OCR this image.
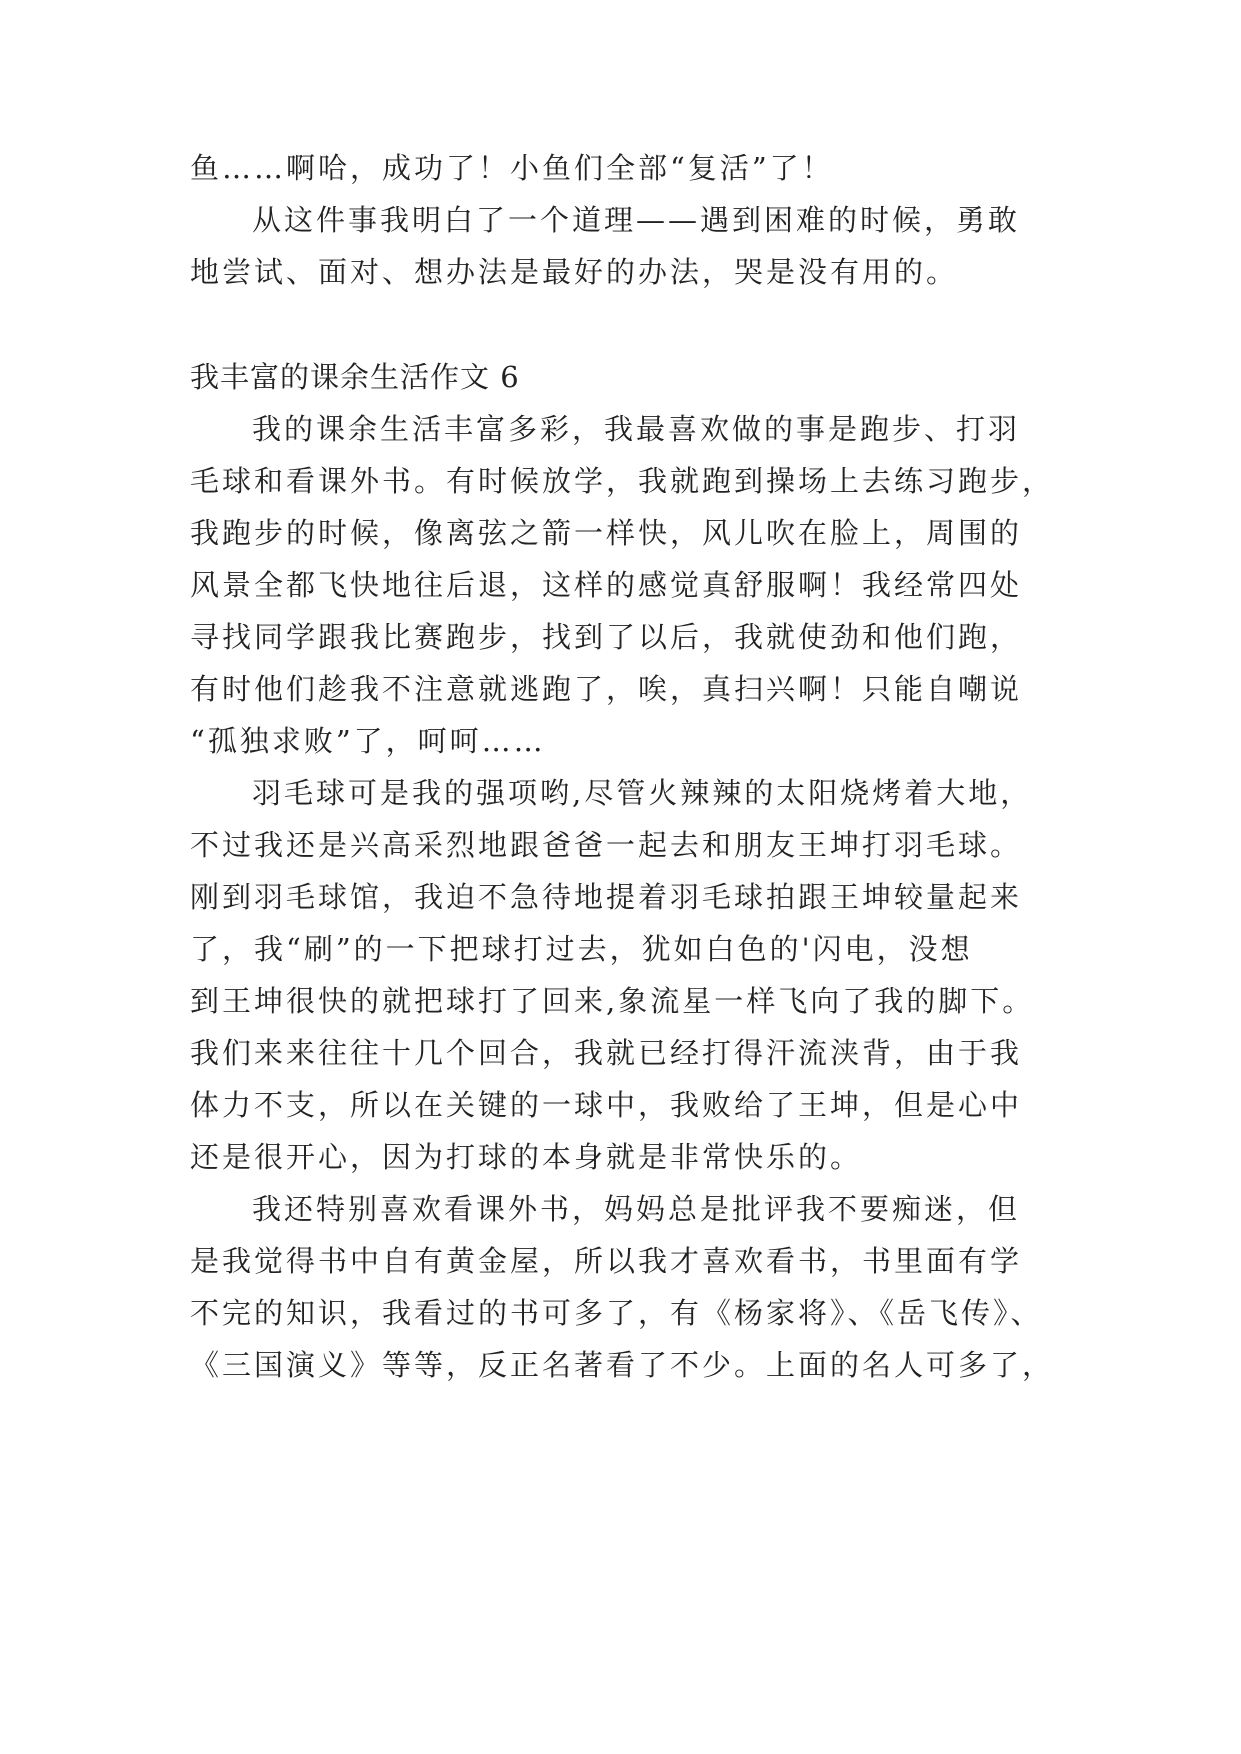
鱼……啊哈，成功了！小鱼们全部“复活”了！
从这件事我明白了一个道理——遇到困难的时候，勇敢
地尝试、面对、想办法是最好的办法，哭是没有用的。
我丰富的课余生活作文 6
我的课余生活丰富多彩，我最喜欢做的事是跑步、打羽
毛球和看课外书。有时候放学，我就跑到操场上去练习跑步，
我跑步的时候，像离弦之箭一样快，风儿吹在脸上，周围的
风景全都飞快地往后退，这样的感觉真舒服啊！我经常四处
寻找同学跟我比赛跑步，找到了以后，我就使劲和他们跑，
有时他们趁我不注意就逃跑了，唉，真扫兴啊！只能自嘲说
“孤独求败”了，呵呵……
羽毛球可是我的强项哟,尽管火辣辣的太阳烧烤着大地，
不过我还是兴高采烈地跟爸爸一起去和朋友王坤打羽毛球。
刚到羽毛球馆，我迫不急待地提着羽毛球拍跟王坤较量起来
了，我“刷”的一下把球打过去，犹如白色的'闪电，没想
到王坤很快的就把球打了回来,象流星一样飞向了我的脚下。
我们来来往往十几个回合，我就已经打得汗流浃背，由于我
体力不支，所以在关键的一球中，我败给了王坤，但是心中
还是很开心，因为打球的本身就是非常快乐的。
我还特别喜欢看课外书，妈妈总是批评我不要痴迷，但
是我觉得书中自有黄金屋，所以我才喜欢看书，书里面有学
不完的知识，我看过的书可多了，有《杨家将》、《岳飞传》、
《三国演义》等等，反正名著看了不少。上面的名人可多了，
